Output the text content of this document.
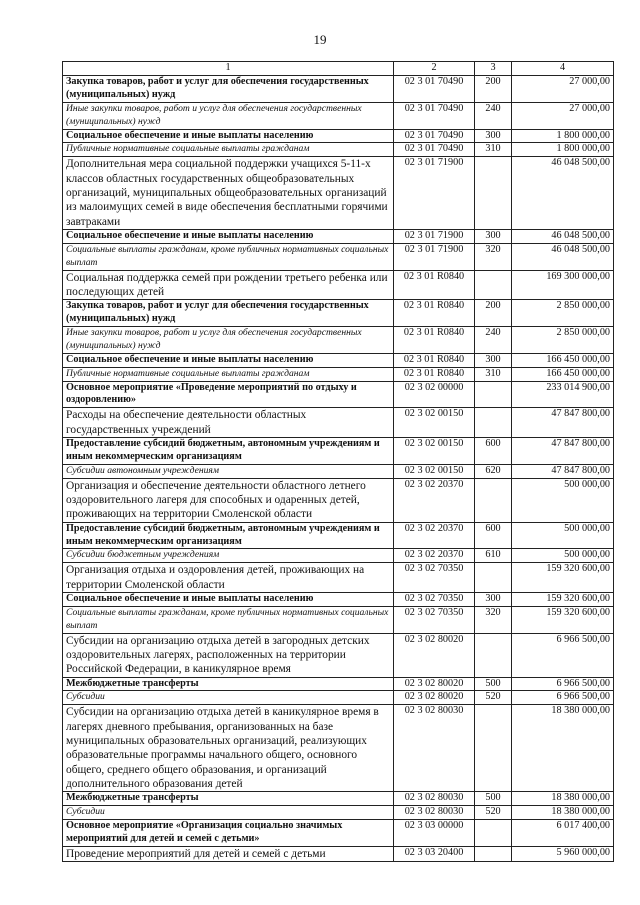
19
1	2	3	4
Закупка товаров, работ и услуг для обеспечения государственных (муниципальных) нужд	02 3 01 70490	200	27 000,00
Иные закупки товаров, работ и услуг для обеспечения государственных (муниципальных) нужд	02 3 01 70490	240	27 000,00
Социальное обеспечение и иные выплаты населению	02 3 01 70490	300	1 800 000,00
Публичные нормативные социальные выплаты гражданам	02 3 01 70490	310	1 800 000,00
Дополнительная мера социальной поддержки учащихся 5-11-х классов областных государственных общеобразовательных организаций, муниципальных общеобразовательных организаций из малоимущих семей в виде обеспечения бесплатными горячими завтраками	02 3 01 71900		46 048 500,00
Социальное обеспечение и иные выплаты населению	02 3 01 71900	300	46 048 500,00
Социальные выплаты гражданам, кроме публичных нормативных социальных выплат	02 3 01 71900	320	46 048 500,00
Социальная поддержка семей при рождении третьего ребенка или последующих детей	02 3 01 R0840		169 300 000,00
Закупка товаров, работ и услуг для обеспечения государственных (муниципальных) нужд	02 3 01 R0840	200	2 850 000,00
Иные закупки товаров, работ и услуг для обеспечения государственных (муниципальных) нужд	02 3 01 R0840	240	2 850 000,00
Социальное обеспечение и иные выплаты населению	02 3 01 R0840	300	166 450 000,00
Публичные нормативные социальные выплаты гражданам	02 3 01 R0840	310	166 450 000,00
Основное мероприятие «Проведение мероприятий по отдыху и оздоровлению»	02 3 02 00000		233 014 900,00
Расходы на обеспечение деятельности областных государственных учреждений	02 3 02 00150		47 847 800,00
Предоставление субсидий бюджетным, автономным учреждениям и иным некоммерческим организациям	02 3 02 00150	600	47 847 800,00
Субсидии автономным учреждениям	02 3 02 00150	620	47 847 800,00
Организация и обеспечение деятельности областного летнего оздоровительного лагеря для способных и одаренных детей, проживающих на территории Смоленской области	02 3 02 20370		500 000,00
Предоставление субсидий бюджетным, автономным учреждениям и иным некоммерческим организациям	02 3 02 20370	600	500 000,00
Субсидии бюджетным учреждениям	02 3 02 20370	610	500 000,00
Организация отдыха и оздоровления детей, проживающих на территории Смоленской области	02 3 02 70350		159 320 600,00
Социальное обеспечение и иные выплаты населению	02 3 02 70350	300	159 320 600,00
Социальные выплаты гражданам, кроме публичных нормативных социальных выплат	02 3 02 70350	320	159 320 600,00
Субсидии на организацию отдыха детей в загородных детских оздоровительных лагерях, расположенных на территории Российской Федерации, в каникулярное время	02 3 02 80020		6 966 500,00
Межбюджетные трансферты	02 3 02 80020	500	6 966 500,00
Субсидии	02 3 02 80020	520	6 966 500,00
Субсидии на организацию отдыха детей в каникулярное время в лагерях дневного пребывания, организованных на базе муниципальных образовательных организаций, реализующих образовательные программы начального общего, основного общего, среднего общего образования, и организаций дополнительного образования детей	02 3 02 80030		18 380 000,00
Межбюджетные трансферты	02 3 02 80030	500	18 380 000,00
Субсидии	02 3 02 80030	520	18 380 000,00
Основное мероприятие «Организация социально значимых мероприятий для детей и семей с детьми»	02 3 03 00000		6 017 400,00
Проведение мероприятий для детей и семей с детьми	02 3 03 20400		5 960 000,00
